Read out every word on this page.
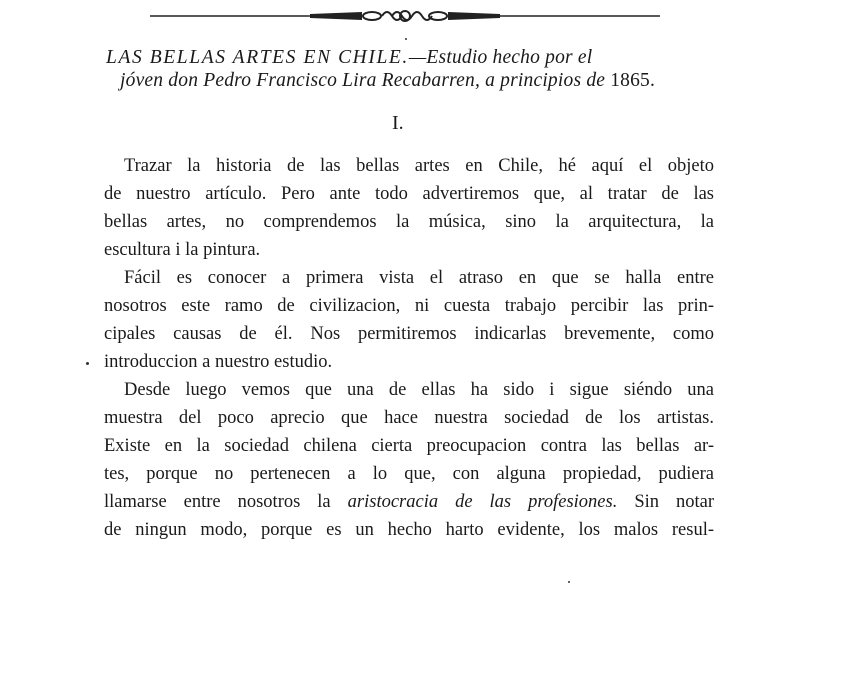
LAS BELLAS ARTES EN CHILE.—Estudio hecho por el
jóven don Pedro Francisco Lira Recabarren, a principios de 1865.
I.
Trazar la historia de las bellas artes en Chile, hé aquí el objeto
de nuestro artículo. Pero ante todo advertiremos que, al tratar de las
bellas artes, no comprendemos la música, sino la arquitectura, la
escultura i la pintura.
Fácil es conocer a primera vista el atraso en que se halla entre
nosotros este ramo de civilizacion, ni cuesta trabajo percibir las prin-
cipales causas de él. Nos permitiremos indicarlas brevemente, como
introduccion a nuestro estudio.
Desde luego vemos que una de ellas ha sido i sigue siéndo una
muestra del poco aprecio que hace nuestra sociedad de los artistas.
Existe en la sociedad chilena cierta preocupacion contra las bellas ar-
tes, porque no pertenecen a lo que, con alguna propiedad, pudiera
llamarse entre nosotros la aristocracia de las profesiones. Sin notar
de ningun modo, porque es un hecho harto evidente, los malos resul-
